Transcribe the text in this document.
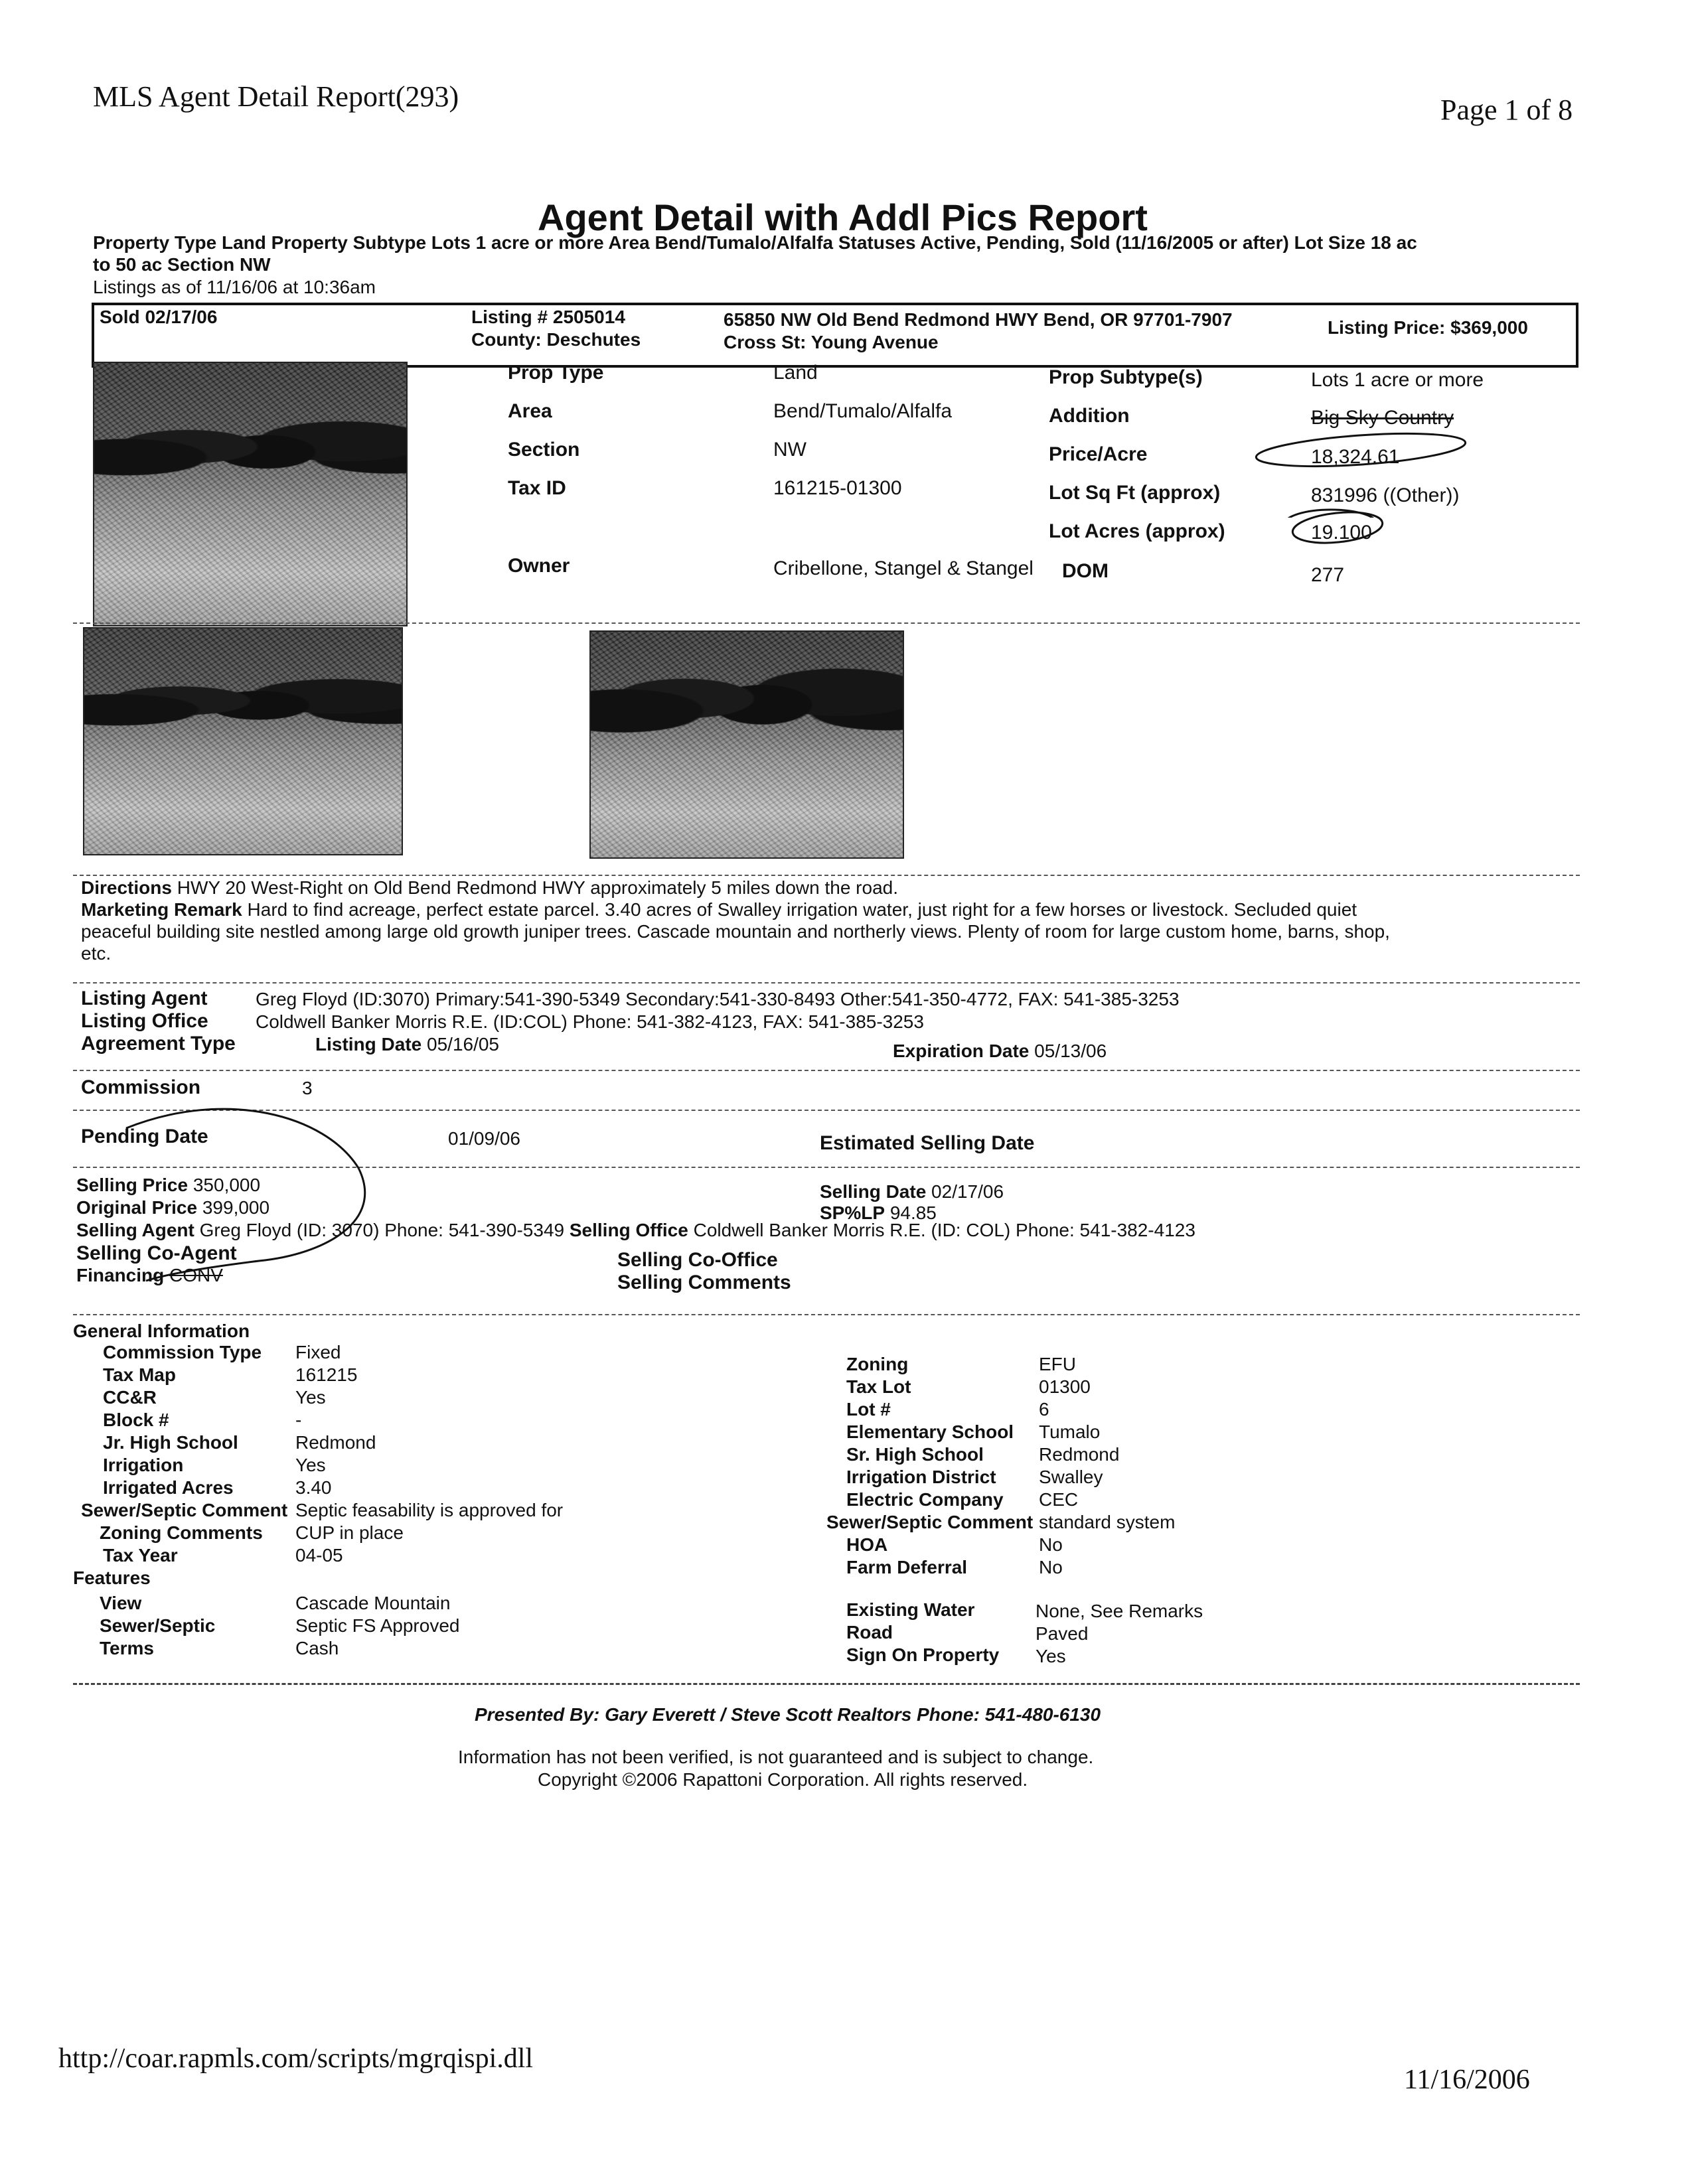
MLS Agent Detail Report(293)	Page 1 of 8
Agent Detail with Addl Pics Report
Property Type Land Property Subtype Lots 1 acre or more Area Bend/Tumalo/Alfalfa Statuses Active, Pending, Sold (11/16/2005 or after) Lot Size 18 ac
to 50 ac Section NW
Listings as of 11/16/06 at 10:36am
Sold 02/17/06	Listing # 2505014
County: Deschutes
65850 NW Old Bend Redmond HWY Bend, OR 97701-7907
Cross St: Young Avenue
Listing Price: $369,000
Prop Type	Land	Prop Subtype(s)	Lots 1 acre or more
Area	Bend/Tumalo/Alfalfa	Addition	Big Sky Country
Section	NW	Price/Acre	18,324.61
Tax ID	161215-01300	Lot Sq Ft (approx)	831996 ((Other))
Lot Acres (approx)	19.100
Owner	Cribellone, Stangel & Stangel DOM	277
Directions HWY 20 West-Right on Old Bend Redmond HWY approximately 5 miles down the road.
Marketing Remark Hard to find acreage, perfect estate parcel. 3.40 acres of Swalley irrigation water, just right for a few horses or livestock. Secluded quiet
peaceful building site nestled among large old growth juniper trees. Cascade mountain and northerly views. Plenty of room for large custom home, barns, shop,
etc.
Listing Agent	Greg Floyd (ID:3070) Primary:541-390-5349 Secondary:541-330-8493 Other:541-350-4772, FAX: 541-385-3253
Listing Office	Coldwell Banker Morris R.E. (ID:COL) Phone: 541-382-4123, FAX: 541-385-3253
Agreement Type	Listing Date 05/16/05	Expiration Date 05/13/06
Commission	3
Pending Date	01/09/06	Estimated Selling Date
Selling Price 350,000
Original Price 399,000
Selling Date 02/17/06
SP%LP 94.85
Selling Agent Greg Floyd (ID: 3070) Phone: 541-390-5349 Selling Office Coldwell Banker Morris R.E. (ID: COL) Phone: 541-382-4123
Selling Co-Agent	Selling Co-Office
Financing CONV	Selling Comments
General Information
Commission Type Fixed
Tax Map	161215
CC&R	Yes
Block #	-
Jr. High School	Redmond
Irrigation	Yes
Irrigated Acres	3.40
Sewer/Septic Comment Septic feasability is approved for
Zoning Comments CUP in place
Tax Year	04-05
Zoning	EFU
Tax Lot	01300
Lot #	6
Elementary School Tumalo
Sr. High School	Redmond
Irrigation District Swalley
Electric Company CEC
Sewer/Septic Comment standard system
HOA	No
Farm Deferral	No
Features
View	Cascade Mountain
Sewer/Septic	Septic FS Approved
Terms	Cash
Existing Water	None, See Remarks
Road	Paved
Sign On Property Yes
Presented By: Gary Everett / Steve Scott Realtors Phone: 541-480-6130
Information has not been verified, is not guaranteed and is subject to change.
Copyright ©2006 Rapattoni Corporation. All rights reserved.
http://coar.rapmls.com/scripts/mgrqispi.dll
11/16/2006
